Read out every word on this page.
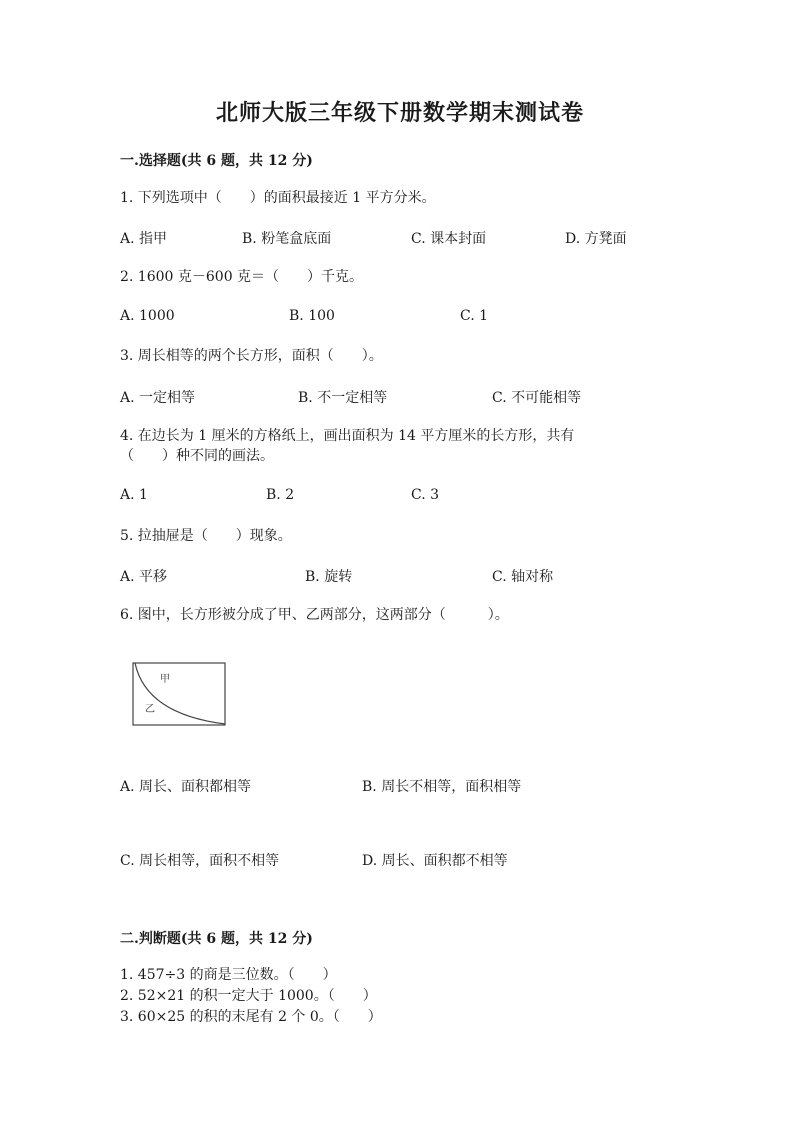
北师大版三年级下册数学期末测试卷
一.选择题(共 6 题，共 12 分)
1. 下列选项中（　　）的面积最接近 1 平方分米。
A. 指甲	B. 粉笔盒底面	C. 课本封面	D. 方凳面
2. 1600 克－600 克＝（　　）千克。
A. 1000	B. 100	C. 1
3. 周长相等的两个长方形，面积（　　）。
A. 一定相等	B. 不一定相等	C. 不可能相等
4. 在边长为 1 厘米的方格纸上，画出面积为 14 平方厘米的长方形，共有
（　　）种不同的画法。
A. 1	B. 2	C. 3
5. 拉抽屉是（　　）现象。
A. 平移	B. 旋转	C. 轴对称
6. 图中，长方形被分成了甲、乙两部分，这两部分（　　　）。
甲
乙
A. 周长、面积都相等	B. 周长不相等，面积相等
C. 周长相等，面积不相等	D. 周长、面积都不相等
二.判断题(共 6 题，共 12 分)
1. 457÷3 的商是三位数。（　　）
2. 52×21 的积一定大于 1000。（　　）
3. 60×25 的积的末尾有 2 个 0。（　　）
